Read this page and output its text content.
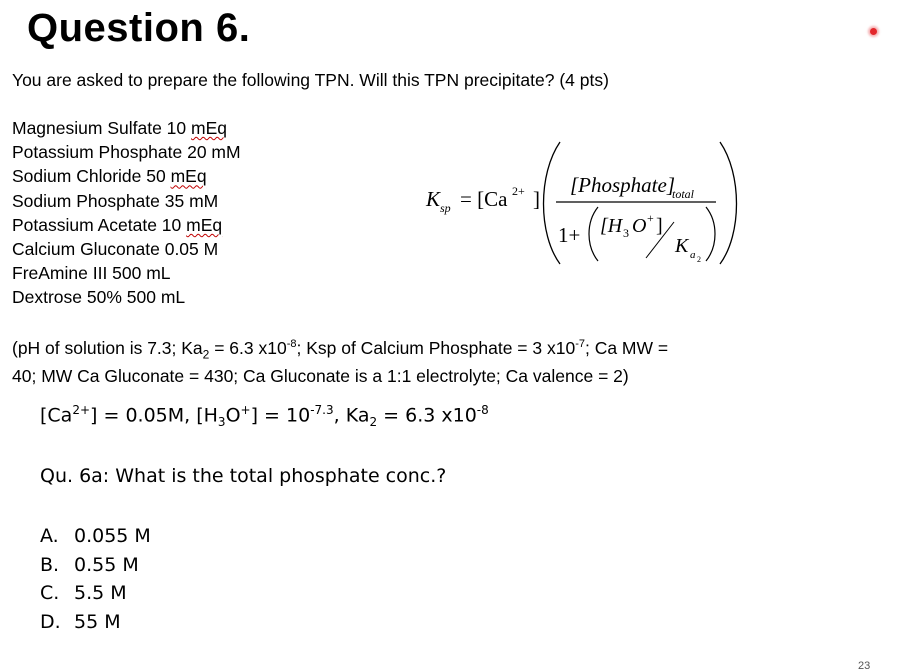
Question 6.
You are asked to prepare the following TPN. Will this TPN precipitate? (4 pts)
Magnesium Sulfate 10 mEq
Potassium Phosphate 20 mM
Sodium Chloride 50 mEq
Sodium Phosphate 35 mM
Potassium Acetate 10 mEq
Calcium Gluconate 0.05 M
FreAmine III 500 mL
Dextrose 50% 500 mL
K sp = [Ca 2+ ]
[Phosphate]
total
1+ [H 3 O + ]
K a 2
(pH of solution is 7.3; $Ka_2 = 6.3$ $x10^{-8}$; Ksp of Calcium Phosphate = 3 $x10^{-7}$; Ca MW =
40; MW Ca Gluconate = 430; Ca Gluconate is a 1:1 electrolyte; Ca valence = 2)
$[Ca^{2+}] = 0.05M$, $[H_3O^+] = 10^{-7.3}$, $Ka_2 = 6.3$ $x10^{-8}$
Qu. 6a: What is the total phosphate conc.?
A. 0.055 M
B. 0.55 M
C. 5.5 M
D. 55 M
23
